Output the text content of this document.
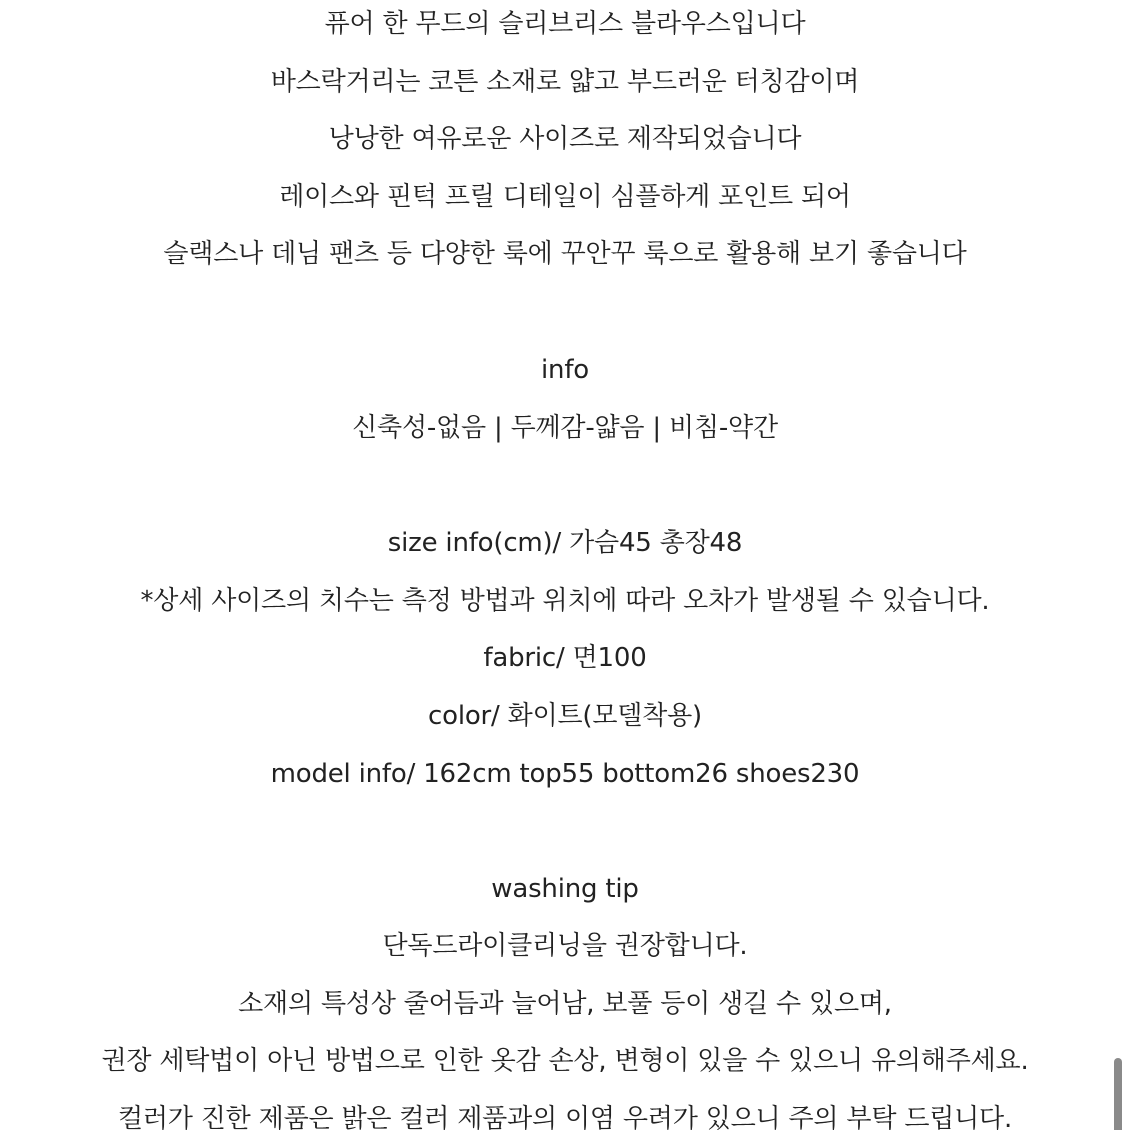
퓨어 한 무드의 슬리브리스 블라우스입니다
바스락거리는 코튼 소재로 얇고 부드러운 터칭감이며
낭낭한 여유로운 사이즈로 제작되었습니다
레이스와 핀턱 프릴 디테일이 심플하게 포인트 되어
슬랙스나 데님 팬츠 등 다양한 룩에 꾸안꾸 룩으로 활용해 보기 좋습니다
info
신축성-없음 | 두께감-얇음 | 비침-약간
size info(cm)/ 가슴45 총장48
*상세 사이즈의 치수는 측정 방법과 위치에 따라 오차가 발생될 수 있습니다.
fabric/ 면100
color/ 화이트(모델착용)
model info/ 162cm top55 bottom26 shoes230
washing tip
단독드라이클리닝을 권장합니다.
소재의 특성상 줄어듬과 늘어남, 보풀 등이 생길 수 있으며,
권장 세탁법이 아닌 방법으로 인한 옷감 손상, 변형이 있을 수 있으니 유의해주세요.
컬러가 진한 제품은 밝은 컬러 제품과의 이염 우려가 있으니 주의 부탁 드립니다.
